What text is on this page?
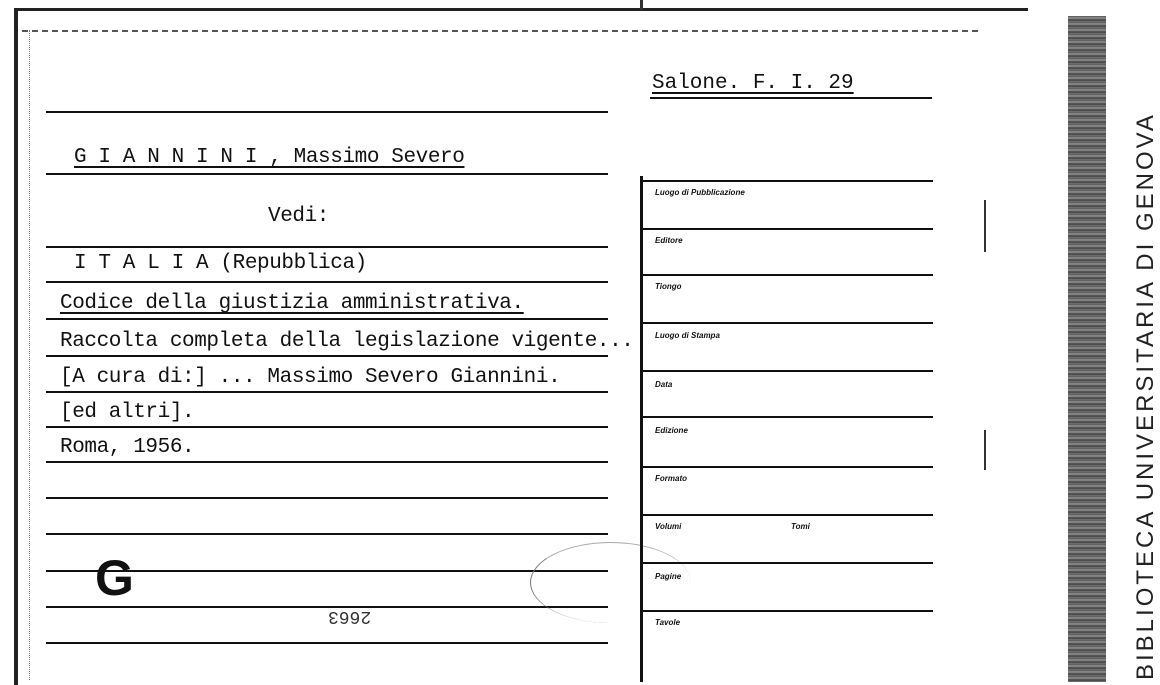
Salone. F. I. 29
G I A N N I N I , Massimo Severo
Vedi:
I T A L I A (Repubblica)
Codice della giustizia amministrativa.
Raccolta completa della legislazione vigente...
[A cura di:] ... Massimo Severo Giannini.
[ed altri].
Roma, 1956.
G
2663
Luogo di Pubblicazione
Editore
Tiongo
Luogo di Stampa
Data
Edizione
Formato
Volumi	Tomi
Pagine
Tavole	BIBLIOTECA UNIVERSITARIA DI GENOVA
